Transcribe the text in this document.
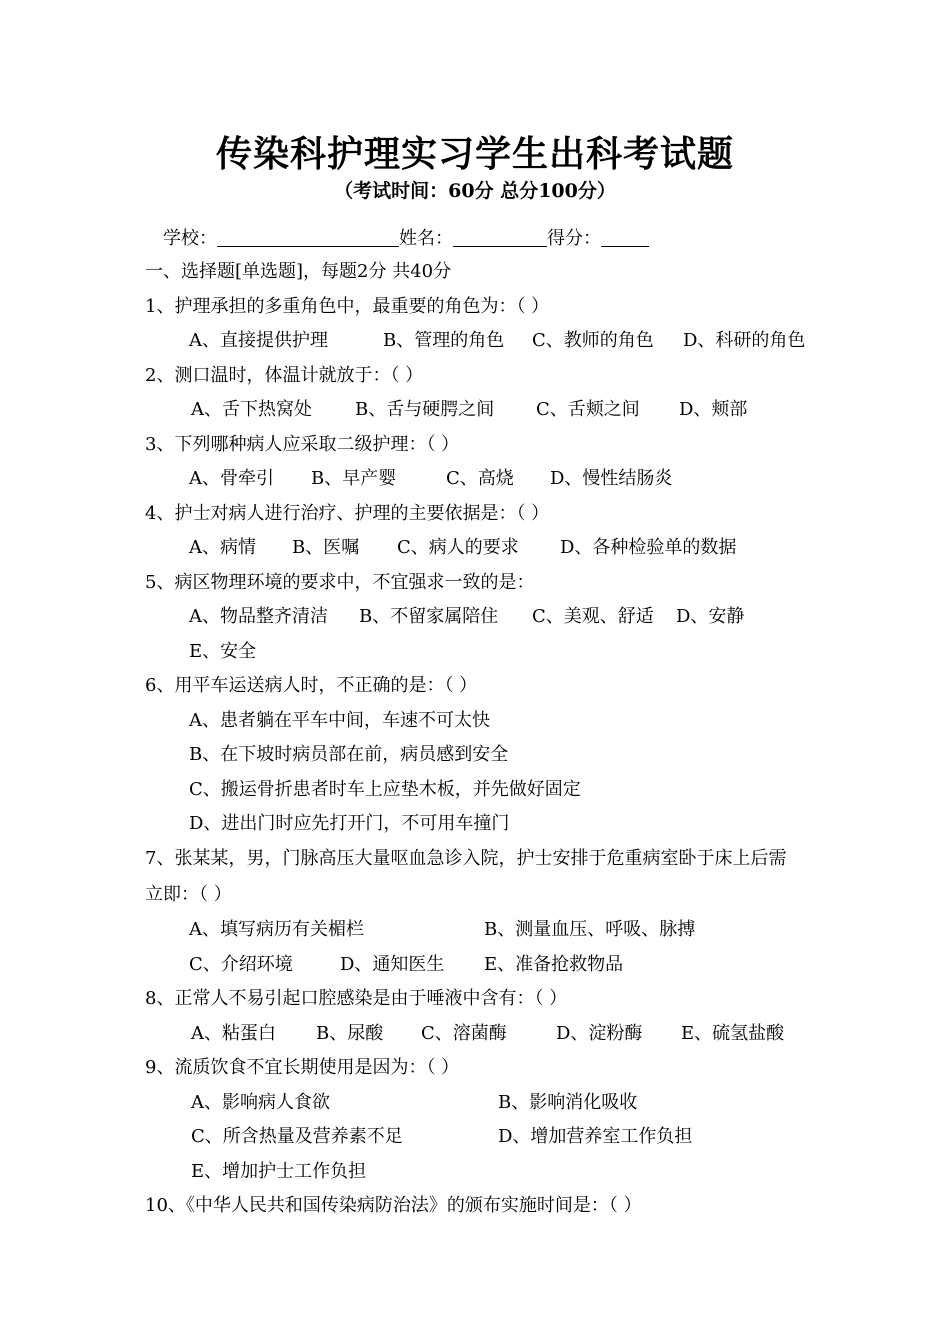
传染科护理实习学生出科考试题
（考试时间：60分 总分100分）
学校：	姓名：	得分：
一、选择题[单选题]，每题2分 共40分
1、护理承担的多重角色中，最重要的角色为：（ ）
A、直接提供护理	B、管理的角色 C、教师的角色 D、科研的角色
2、测口温时，体温计就放于：（ ）
A、舌下热窝处 B、舌与硬腭之间 C、舌颊之间 D、颊部
3、下列哪种病人应采取二级护理：（ ）
A、骨牵引 B、早产婴	C、高烧 D、慢性结肠炎
4、护士对病人进行治疗、护理的主要依据是：（ ）
A、病情 B、医嘱 C、病人的要求 D、各种检验单的数据
5、病区物理环境的要求中，不宜强求一致的是：
A、物品整齐清洁 B、不留家属陪住 C、美观、舒适 D、安静
E、安全
6、用平车运送病人时，不正确的是：（ ）
A、患者躺在平车中间，车速不可太快
B、在下坡时病员部在前，病员感到安全
C、搬运骨折患者时车上应垫木板，并先做好固定
D、进出门时应先打开门，不可用车撞门
7、张某某，男，门脉高压大量呕血急诊入院，护士安排于危重病室卧于床上后需
立即：（ ）
A、填写病历有关楣栏	B、测量血压、呼吸、脉搏
C、介绍环境	D、通知医生 E、准备抢救物品
8、正常人不易引起口腔感染是由于唾液中含有：（ ）
A、粘蛋白 B、尿酸 C、溶菌酶	D、淀粉酶 E、硫氢盐酸
9、流质饮食不宜长期使用是因为：（ ）
A、影响病人食欲	B、影响消化吸收
C、所含热量及营养素不足	D、增加营养室工作负担
E、增加护士工作负担
10、《中华人民共和国传染病防治法》的颁布实施时间是：（ ）
